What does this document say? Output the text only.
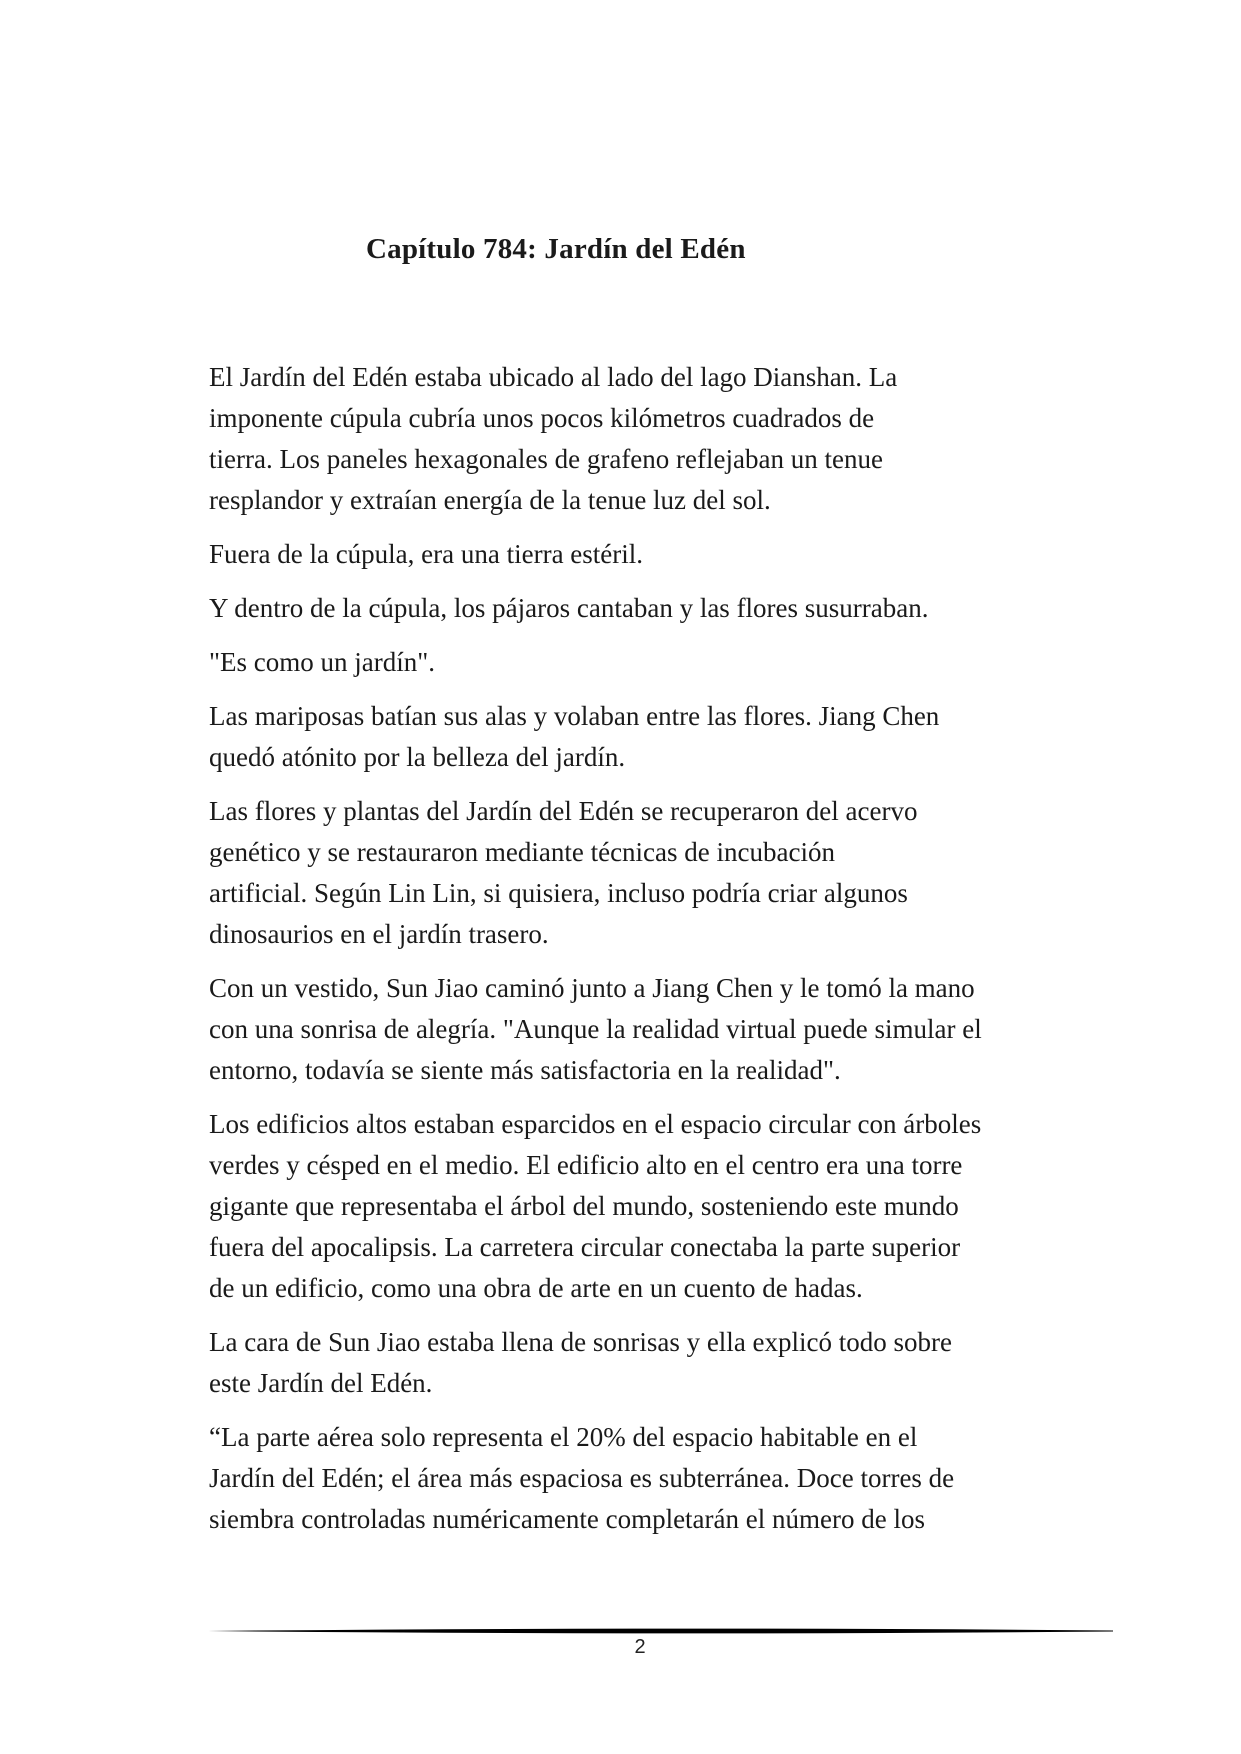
Capítulo 784: Jardín del Edén

El Jardín del Edén estaba ubicado al lado del lago Dianshan. La
imponente cúpula cubría unos pocos kilómetros cuadrados de
tierra. Los paneles hexagonales de grafeno reflejaban un tenue
resplandor y extraían energía de la tenue luz del sol.

Fuera de la cúpula, era una tierra estéril.

Y dentro de la cúpula, los pájaros cantaban y las flores susurraban.

"Es como un jardín".

Las mariposas batían sus alas y volaban entre las flores. Jiang Chen
quedó atónito por la belleza del jardín.

Las flores y plantas del Jardín del Edén se recuperaron del acervo
genético y se restauraron mediante técnicas de incubación
artificial. Según Lin Lin, si quisiera, incluso podría criar algunos
dinosaurios en el jardín trasero.

Con un vestido, Sun Jiao caminó junto a Jiang Chen y le tomó la mano
con una sonrisa de alegría. "Aunque la realidad virtual puede simular el
entorno, todavía se siente más satisfactoria en la realidad".

Los edificios altos estaban esparcidos en el espacio circular con árboles
verdes y césped en el medio. El edificio alto en el centro era una torre
gigante que representaba el árbol del mundo, sosteniendo este mundo
fuera del apocalipsis. La carretera circular conectaba la parte superior
de un edificio, como una obra de arte en un cuento de hadas.

La cara de Sun Jiao estaba llena de sonrisas y ella explicó todo sobre
este Jardín del Edén.

“La parte aérea solo representa el 20% del espacio habitable en el
Jardín del Edén; el área más espaciosa es subterránea. Doce torres de
siembra controladas numéricamente completarán el número de los

2
